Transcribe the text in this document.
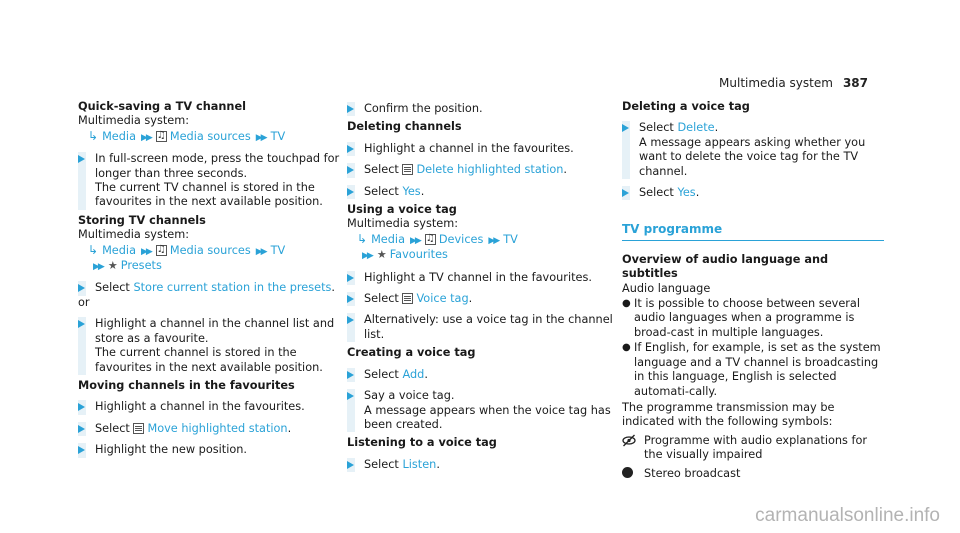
Multimedia system 387

Quick-saving a TV channel

Multimedia system:
↳ Media ▶▶ ♫ Media sources ▶▶ TV
In full-screen mode, press the touchpad for longer than three seconds.
The current TV channel is stored in the favourites in the next available position.

Storing TV channels

Multimedia system:
↳ Media ▶▶ ♫ Media sources ▶▶ TV
▶▶ ★ Presets
Select Store current station in the presets.
or
Highlight a channel in the channel list and store as a favourite.
The current channel is stored in the favourites in the next available position.

Moving channels in the favourites

Highlight a channel in the favourites.
Select Move highlighted station.
Highlight the new position.
Confirm the position.

Deleting channels

Highlight a channel in the favourites.
Select Delete highlighted station.
Select Yes.

Using a voice tag

Multimedia system:
↳ Media ▶▶ ♫ Devices ▶▶ TV
▶▶ ★ Favourites
Highlight a TV channel in the favourites.
Select Voice tag.
Alternatively: use a voice tag in the channel list.

Creating a voice tag

Select Add.
Say a voice tag.
A message appears when the voice tag has been created.

Listening to a voice tag

Select Listen.

Deleting a voice tag

Select Delete.
A message appears asking whether you want to delete the voice tag for the TV channel.
Select Yes.
TV programme

Overview of audio language and subtitles

Audio language
● It is possible to choose between several audio languages when a programme is broad-cast in multiple languages.
● If English, for example, is set as the system language and a TV channel is broadcasting in this language, English is selected automati-cally.
The programme transmission may be indicated with the following symbols:
Programme with audio explanations for the visually impaired
Stereo broadcast
carmanualsonline.info
